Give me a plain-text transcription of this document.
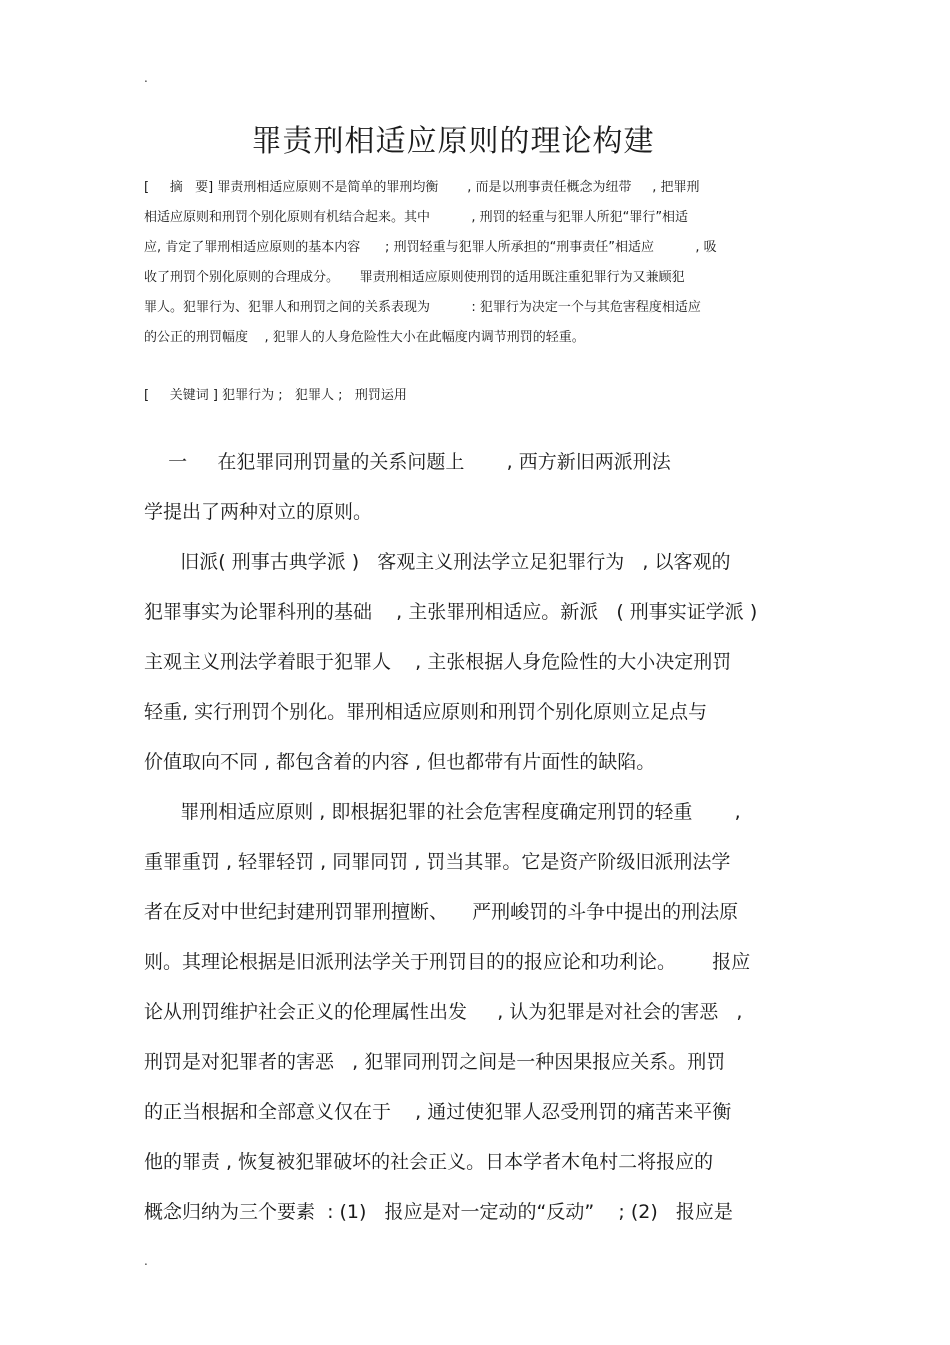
.
罪责刑相适应原则的理论构建
[     摘   要] 罪责刑相适应原则不是简单的罪刑均衡       , 而是以刑事责任概念为纽带     , 把罪刑
相适应原则和刑罚个别化原则有机结合起来。其中          , 刑罚的轻重与犯罪人所犯“罪行”相适
应, 肯定了罪刑相适应原则的基本内容      ; 刑罚轻重与犯罪人所承担的“刑事责任”相适应          , 吸
收了刑罚个别化原则的合理成分。     罪责刑相适应原则使刑罚的适用既注重犯罪行为又兼顾犯
罪人。犯罪行为、犯罪人和刑罚之间的关系表现为          : 犯罪行为决定一个与其危害程度相适应
的公正的刑罚幅度    , 犯罪人的人身危险性大小在此幅度内调节刑罚的轻重。
[     关键词 ] 犯罪行为 ;   犯罪人 ;   刑罚运用
一     在犯罪同刑罚量的关系问题上       , 西方新旧两派刑法
学提出了两种对立的原则。
旧派( 刑事古典学派 )   客观主义刑法学立足犯罪行为   , 以客观的
犯罪事实为论罪科刑的基础    , 主张罪刑相适应。新派   ( 刑事实证学派 )
主观主义刑法学着眼于犯罪人    , 主张根据人身危险性的大小决定刑罚
轻重, 实行刑罚个别化。罪刑相适应原则和刑罚个别化原则立足点与
价值取向不同 , 都包含着的内容 , 但也都带有片面性的缺陷。
罪刑相适应原则 , 即根据犯罪的社会危害程度确定刑罚的轻重       ,
重罪重罚 , 轻罪轻罚 , 同罪同罚 , 罚当其罪。它是资产阶级旧派刑法学
者在反对中世纪封建刑罚罪刑擅断、    严刑峻罚的斗争中提出的刑法原
则。其理论根据是旧派刑法学关于刑罚目的的报应论和功利论。      报应
论从刑罚维护社会正义的伦理属性出发     , 认为犯罪是对社会的害恶   ,
刑罚是对犯罪者的害恶   , 犯罪同刑罚之间是一种因果报应关系。刑罚
的正当根据和全部意义仅在于    , 通过使犯罪人忍受刑罚的痛苦来平衡
他的罪责 , 恢复被犯罪破坏的社会正义。日本学者木龟村二将报应的
概念归纳为三个要素  : (1)   报应是对一定动的“反动”    ; (2)   报应是
.
